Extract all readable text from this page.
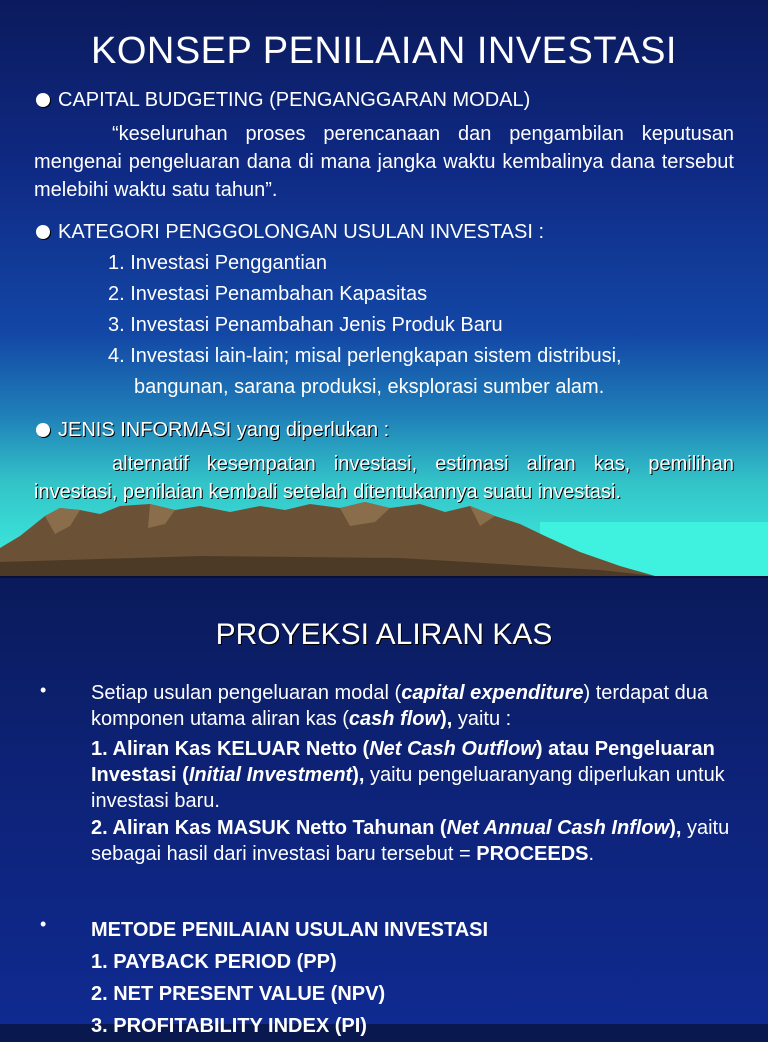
KONSEP PENILAIAN INVESTASI
CAPITAL BUDGETING (PENGANGGARAN MODAL)
“keseluruhan proses perencanaan dan pengambilan keputusan mengenai pengeluaran dana di mana jangka waktu kembalinya dana tersebut melebihi waktu satu tahun”.
KATEGORI PENGGOLONGAN USULAN INVESTASI :
1. Investasi Penggantian
2. Investasi Penambahan Kapasitas
3. Investasi Penambahan Jenis Produk Baru
4. Investasi lain-lain; misal perlengkapan sistem distribusi,
bangunan, sarana produksi, eksplorasi sumber alam.
JENIS INFORMASI yang diperlukan :
alternatif kesempatan investasi, estimasi aliran kas, pemilihan investasi, penilaian kembali setelah ditentukannya suatu investasi.
PROYEKSI ALIRAN KAS
• Setiap usulan pengeluaran modal (capital expenditure) terdapat dua komponen utama aliran kas (cash flow), yaitu :
1. Aliran Kas KELUAR Netto (Net Cash Outflow) atau Pengeluaran Investasi (Initial Investment), yaitu pengeluaranyang diperlukan untuk investasi baru.
2. Aliran Kas MASUK Netto Tahunan (Net Annual Cash Inflow), yaitu sebagai hasil dari investasi baru tersebut = PROCEEDS.
• METODE PENILAIAN USULAN INVESTASI
1. PAYBACK PERIOD (PP)
2. NET PRESENT VALUE (NPV)
3. PROFITABILITY INDEX (PI)
